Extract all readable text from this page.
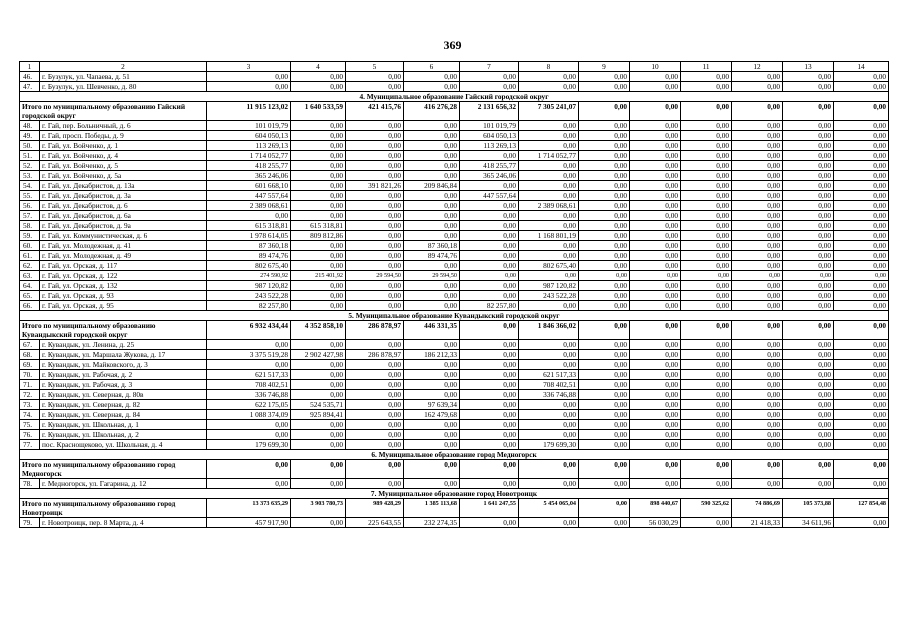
369
1	2	3	4	5	6	7	8	9	10	11	12	13	14
46.	г. Бузулук, ул. Чапаева, д. 51	0,00	0,00	0,00	0,00	0,00	0,00	0,00	0,00	0,00	0,00	0,00	0,00
47.	г. Бузулук, ул. Шевченко, д. 80	0,00	0,00	0,00	0,00	0,00	0,00	0,00	0,00	0,00	0,00	0,00	0,00
4. Муниципальное образование Гайский городской округ													
Итого по муниципальному образованию Гайский городской округ		11 915 123,02	1 640 533,59	421 415,76	416 276,28	2 131 656,32	7 305 241,07	0,00	0,00	0,00	0,00	0,00	0,00
48.	г. Гай, пер. Больничный, д. 6	101 019,79	0,00	0,00	0,00	101 019,79	0,00	0,00	0,00	0,00	0,00	0,00	0,00
49.	г. Гай, просп. Победы, д. 9	604 050,13	0,00	0,00	0,00	604 050,13	0,00	0,00	0,00	0,00	0,00	0,00	0,00
50.	г. Гай, ул. Войченко, д. 1	113 269,13	0,00	0,00	0,00	113 269,13	0,00	0,00	0,00	0,00	0,00	0,00	0,00
51.	г. Гай, ул. Войченко, д. 4	1 714 052,77	0,00	0,00	0,00	0,00	1 714 052,77	0,00	0,00	0,00	0,00	0,00	0,00
52.	г. Гай, ул. Войченко, д. 5	418 255,77	0,00	0,00	0,00	418 255,77	0,00	0,00	0,00	0,00	0,00	0,00	0,00
53.	г. Гай, ул. Войченко, д. 5а	365 246,06	0,00	0,00	0,00	365 246,06	0,00	0,00	0,00	0,00	0,00	0,00	0,00
54.	г. Гай, ул. Декабристов, д. 13а	601 668,10	0,00	391 821,26	209 846,84	0,00	0,00	0,00	0,00	0,00	0,00	0,00	0,00
55.	г. Гай, ул. Декабристов, д. 3а	447 557,64	0,00	0,00	0,00	447 557,64	0,00	0,00	0,00	0,00	0,00	0,00	0,00
56.	г. Гай, ул. Декабристов, д. 6	2 389 068,61	0,00	0,00	0,00	0,00	2 389 068,61	0,00	0,00	0,00	0,00	0,00	0,00
57.	г. Гай, ул. Декабристов, д. 6а	0,00	0,00	0,00	0,00	0,00	0,00	0,00	0,00	0,00	0,00	0,00	0,00
58.	г. Гай, ул. Декабристов, д. 9а	615 318,81	615 318,81	0,00	0,00	0,00	0,00	0,00	0,00	0,00	0,00	0,00	0,00
59.	г. Гай, ул. Коммунистическая, д. 6	1 978 614,05	809 812,86	0,00	0,00	0,00	1 168 801,19	0,00	0,00	0,00	0,00	0,00	0,00
60.	г. Гай, ул. Молодежная, д. 41	87 360,18	0,00	0,00	87 360,18	0,00	0,00	0,00	0,00	0,00	0,00	0,00	0,00
61.	г. Гай, ул. Молодежная, д. 49	89 474,76	0,00	0,00	89 474,76	0,00	0,00	0,00	0,00	0,00	0,00	0,00	0,00
62.	г. Гай, ул. Орская, д. 117	802 675,40	0,00	0,00	0,00	0,00	802 675,40	0,00	0,00	0,00	0,00	0,00	0,00
63.	г. Гай, ул. Орская, д. 122	274 590,92	215 401,92	29 594,50	29 594,50	0,00	0,00	0,00	0,00	0,00	0,00	0,00	0,00
64.	г. Гай, ул. Орская, д. 132	987 120,82	0,00	0,00	0,00	0,00	987 120,82	0,00	0,00	0,00	0,00	0,00	0,00
65.	г. Гай, ул. Орская, д. 93	243 522,28	0,00	0,00	0,00	0,00	243 522,28	0,00	0,00	0,00	0,00	0,00	0,00
66.	г. Гай, ул. Орская, д. 95	82 257,80	0,00	0,00	0,00	82 257,80	0,00	0,00	0,00	0,00	0,00	0,00	0,00
5. Муниципальное образование Кувандыкский городской округ													
Итого по муниципальному образованию Кувандыкский городской округ		6 932 434,44	4 352 858,10	286 878,97	446 331,35	0,00	1 846 366,02	0,00	0,00	0,00	0,00	0,00	0,00
67.	г. Кувандык, ул. Ленина, д. 25	0,00	0,00	0,00	0,00	0,00	0,00	0,00	0,00	0,00	0,00	0,00	0,00
68.	г. Кувандык, ул. Маршала Жукова, д. 17	3 375 519,28	2 902 427,98	286 878,97	186 212,33	0,00	0,00	0,00	0,00	0,00	0,00	0,00	0,00
69.	г. Кувандык, ул. Майковского, д. 3	0,00	0,00	0,00	0,00	0,00	0,00	0,00	0,00	0,00	0,00	0,00	0,00
70.	г. Кувандык, ул. Рабочая, д. 2	621 517,33	0,00	0,00	0,00	0,00	621 517,33	0,00	0,00	0,00	0,00	0,00	0,00
71.	г. Кувандык, ул. Рабочая, д. 3	708 402,51	0,00	0,00	0,00	0,00	708 402,51	0,00	0,00	0,00	0,00	0,00	0,00
72.	г. Кувандык, ул. Северная, д. 80в	336 746,88	0,00	0,00	0,00	0,00	336 746,88	0,00	0,00	0,00	0,00	0,00	0,00
73.	г. Кувандык, ул. Северная, д. 82	622 175,05	524 535,71	0,00	97 639,34	0,00	0,00	0,00	0,00	0,00	0,00	0,00	0,00
74.	г. Кувандык, ул. Северная, д. 84	1 088 374,09	925 894,41	0,00	162 479,68	0,00	0,00	0,00	0,00	0,00	0,00	0,00	0,00
75.	г. Кувандык, ул. Школьная, д. 1	0,00	0,00	0,00	0,00	0,00	0,00	0,00	0,00	0,00	0,00	0,00	0,00
76.	г. Кувандык, ул. Школьная, д. 2	0,00	0,00	0,00	0,00	0,00	0,00	0,00	0,00	0,00	0,00	0,00	0,00
77.	пос. Краснощеково, ул. Школьная, д. 4	179 699,30	0,00	0,00	0,00	0,00	179 699,30	0,00	0,00	0,00	0,00	0,00	0,00
6. Муниципальное образование город Медногорск													
Итого по муниципальному образованию город Медногорск		0,00	0,00	0,00	0,00	0,00	0,00	0,00	0,00	0,00	0,00	0,00	0,00
78.	г. Медногорск, ул. Гагарина, д. 12	0,00	0,00	0,00	0,00	0,00	0,00	0,00	0,00	0,00	0,00	0,00	0,00
7. Муниципальное образование город Новотроицк													
Итого по муниципальному образованию город Новотроицк		13 373 635,29	3 903 780,73	989 428,29	1 385 113,68	1 641 247,55	5 454 065,04	0,00	898 440,67	590 325,62	74 886,69	105 373,88	127 854,48
79.	г. Новотроицк, пер. 8 Марта, д. 4	457 917,90	0,00	225 643,55	232 274,35	0,00	0,00	0,00	56 030,29	0,00	21 418,33	34 611,96	0,00
